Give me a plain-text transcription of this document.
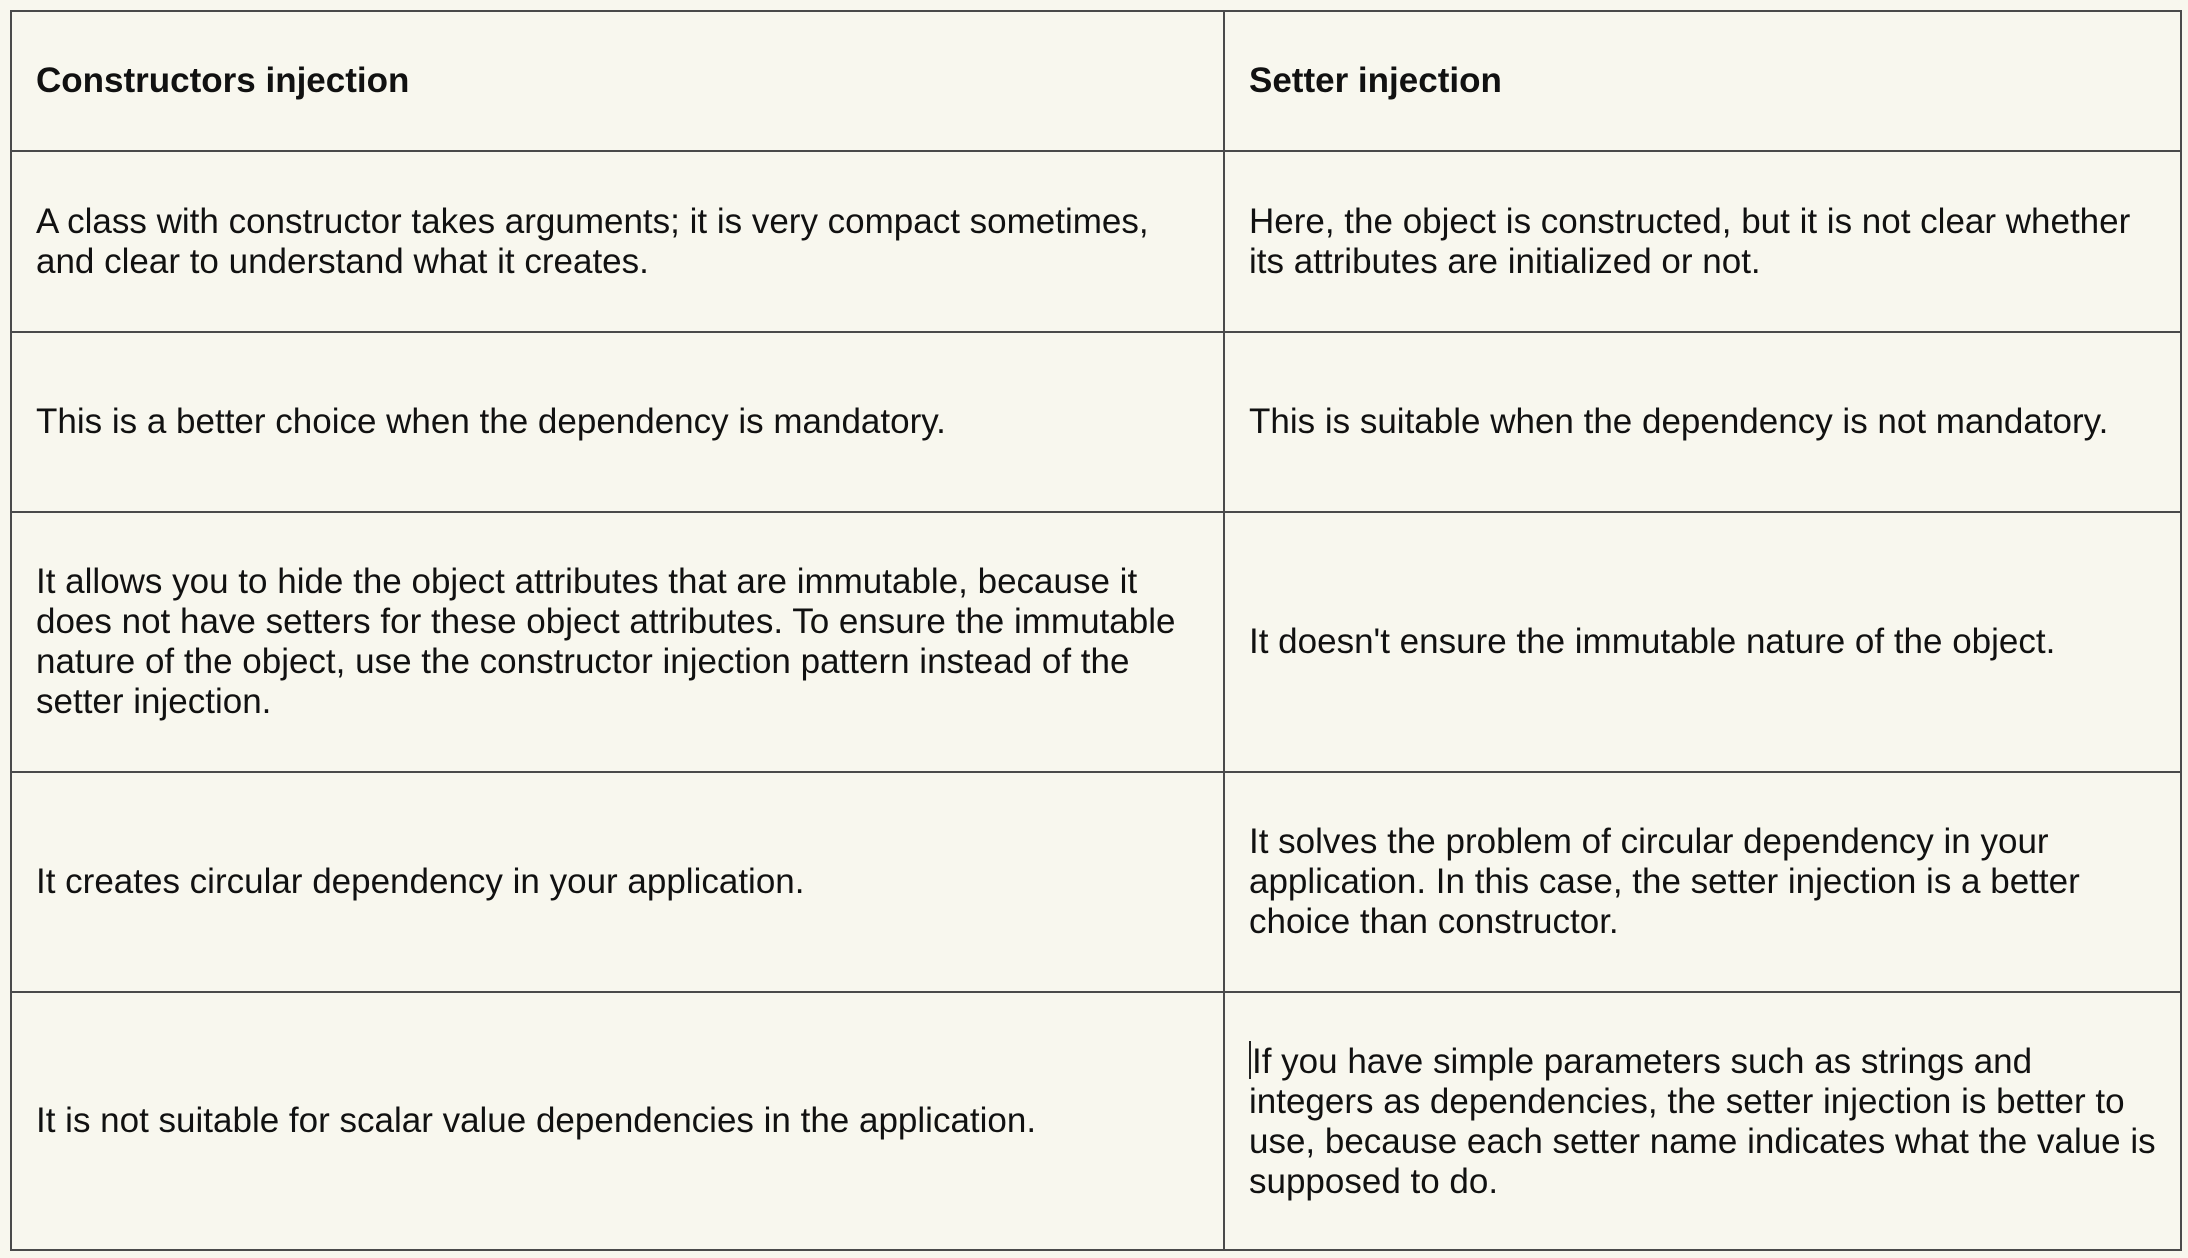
Constructors injection	Setter injection

A class with constructor takes arguments; it is very compact sometimes, and clear to understand what it creates.	Here, the object is constructed, but it is not clear whether its attributes are initialized or not.

This is a better choice when the dependency is mandatory.	This is suitable when the dependency is not mandatory.

It allows you to hide the object attributes that are immutable, because it does not have setters for these object attributes. To ensure the immutable nature of the object, use the constructor injection pattern instead of the setter injection.	It doesn't ensure the immutable nature of the object.

It creates circular dependency in your application.	It solves the problem of circular dependency in your application. In this case, the setter injection is a better choice than constructor.

It is not suitable for scalar value dependencies in the application.	If you have simple parameters such as strings and integers as dependencies, the setter injection is better to use, because each setter name indicates what the value is supposed to do.
